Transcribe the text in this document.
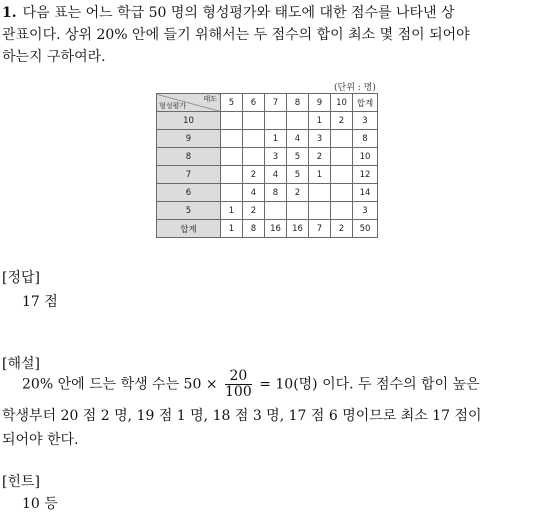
1. 다음 표는 어느 학급 50 명의 형성평가와 태도에 대한 점수를 나타낸 상
관표이다. 상위 20% 안에 들기 위해서는 두 점수의 합이 최소 몇 점이 되어야
하는지 구하여라.
(단위 : 명)
태도
형성평가	5	6	7	8	9	10	합계
10					1	2	3
9			1	4	3		8
8			3	5	2		10
7		2	4	5	1		12
6		4	8	2			14
5	1	2					3
합계	1	8	16	16	7	2	50
[정답]
17 점
[해설]
20% 안에 드는 학생 수는 $50 \times \frac{20}{100} = 10$(명) 이다. 두 점수의 합이 높은
학생부터 20 점 2 명, 19 점 1 명, 18 점 3 명, 17 점 6 명이므로 최소 17 점이
되어야 한다.
[힌트]
10 등
